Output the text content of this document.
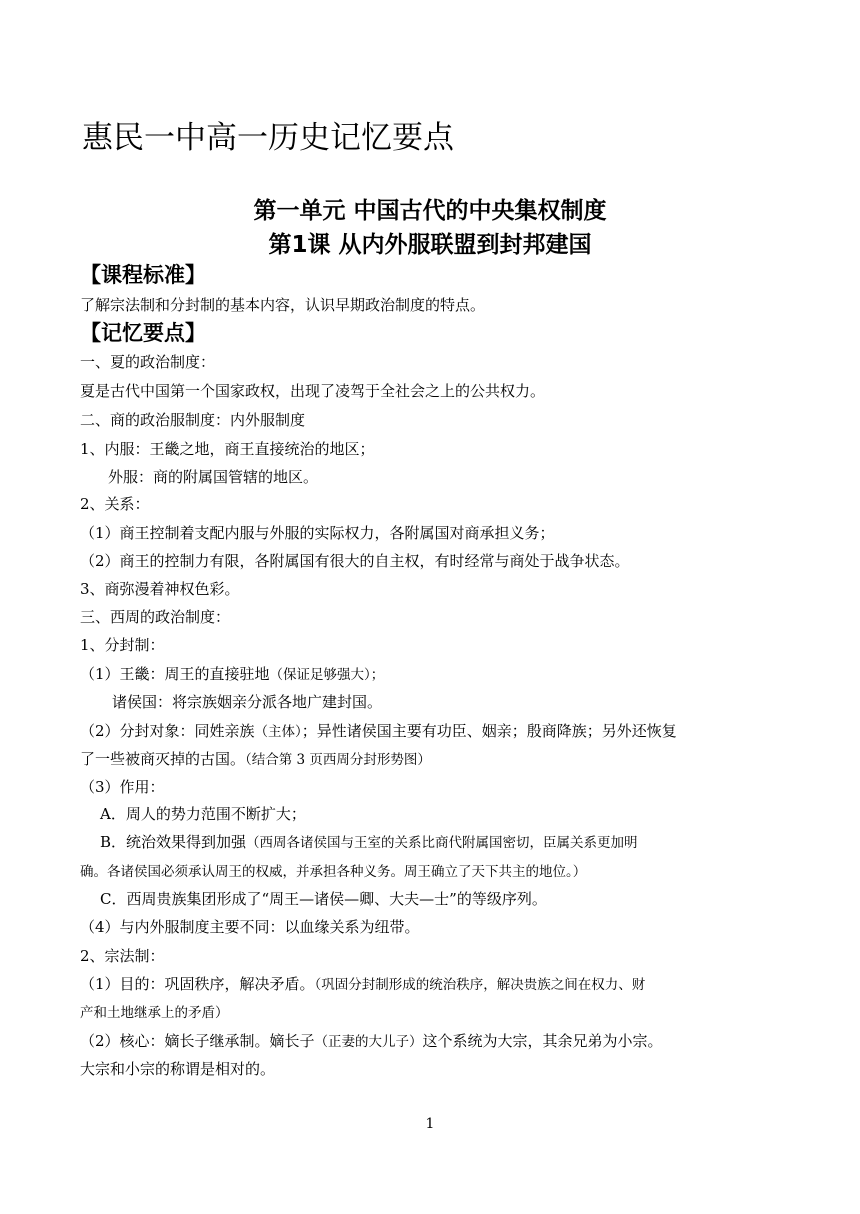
惠民一中高一历史记忆要点
第一单元 中国古代的中央集权制度
第1课 从内外服联盟到封邦建国
【课程标准】
了解宗法制和分封制的基本内容，认识早期政治制度的特点。
【记忆要点】
一、夏的政治制度：
夏是古代中国第一个国家政权，出现了凌驾于全社会之上的公共权力。
二、商的政治服制度：内外服制度
1、内服：王畿之地，商王直接统治的地区；
外服：商的附属国管辖的地区。
2、关系：
（1）商王控制着支配内服与外服的实际权力，各附属国对商承担义务；
（2）商王的控制力有限，各附属国有很大的自主权，有时经常与商处于战争状态。
3、商弥漫着神权色彩。
三、西周的政治制度：
1、分封制：
（1）王畿：周王的直接驻地（保证足够强大）；
诸侯国：将宗族姻亲分派各地广建封国。
（2）分封对象：同姓亲族（主体）；异性诸侯国主要有功臣、姻亲；殷商降族；另外还恢复
了一些被商灭掉的古国。（结合第 3 页西周分封形势图）
（3）作用：
A．周人的势力范围不断扩大；
B．统治效果得到加强（西周各诸侯国与王室的关系比商代附属国密切，臣属关系更加明
确。各诸侯国必须承认周王的权威，并承担各种义务。周王确立了天下共主的地位。）
C．西周贵族集团形成了“周王—诸侯—卿、大夫—士”的等级序列。
（4）与内外服制度主要不同：以血缘关系为纽带。
2、宗法制：
（1）目的：巩固秩序，解决矛盾。（巩固分封制形成的统治秩序，解决贵族之间在权力、财
产和土地继承上的矛盾）
（2）核心：嫡长子继承制。嫡长子（正妻的大儿子）这个系统为大宗，其余兄弟为小宗。
大宗和小宗的称谓是相对的。
1
